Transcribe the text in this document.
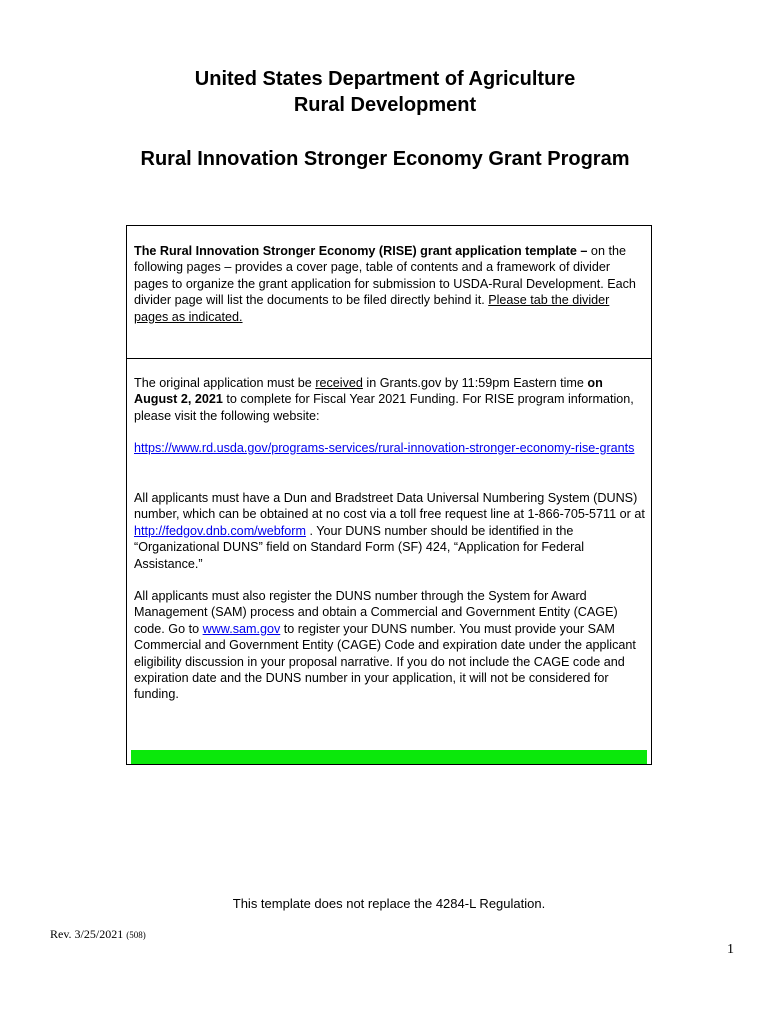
United States Department of Agriculture
Rural Development
Rural Innovation Stronger Economy Grant Program

The Rural Innovation Stronger Economy (RISE) grant application template – on the following pages – provides a cover page, table of contents and a framework of divider pages to organize the grant application for submission to USDA-Rural Development. Each divider page will list the documents to be filed directly behind it. Please tab the divider pages as indicated.

The original application must be received in Grants.gov by 11:59pm Eastern time on August 2, 2021 to complete for Fiscal Year 2021 Funding. For RISE program information, please visit the following website:

https://www.rd.usda.gov/programs-services/rural-innovation-stronger-economy-rise-grants

All applicants must have a Dun and Bradstreet Data Universal Numbering System (DUNS) number, which can be obtained at no cost via a toll free request line at 1-866-705-5711 or at http://fedgov.dnb.com/webform . Your DUNS number should be identified in the “Organizational DUNS” field on Standard Form (SF) 424, “Application for Federal Assistance.”

All applicants must also register the DUNS number through the System for Award Management (SAM) process and obtain a Commercial and Government Entity (CAGE) code. Go to www.sam.gov to register your DUNS number. You must provide your SAM Commercial and Government Entity (CAGE) Code and expiration date under the applicant eligibility discussion in your proposal narrative. If you do not include the CAGE code and expiration date and the DUNS number in your application, it will not be considered for funding.

This template does not replace the 4284-L Regulation.
Rev. 3/25/2021 (508)
1
